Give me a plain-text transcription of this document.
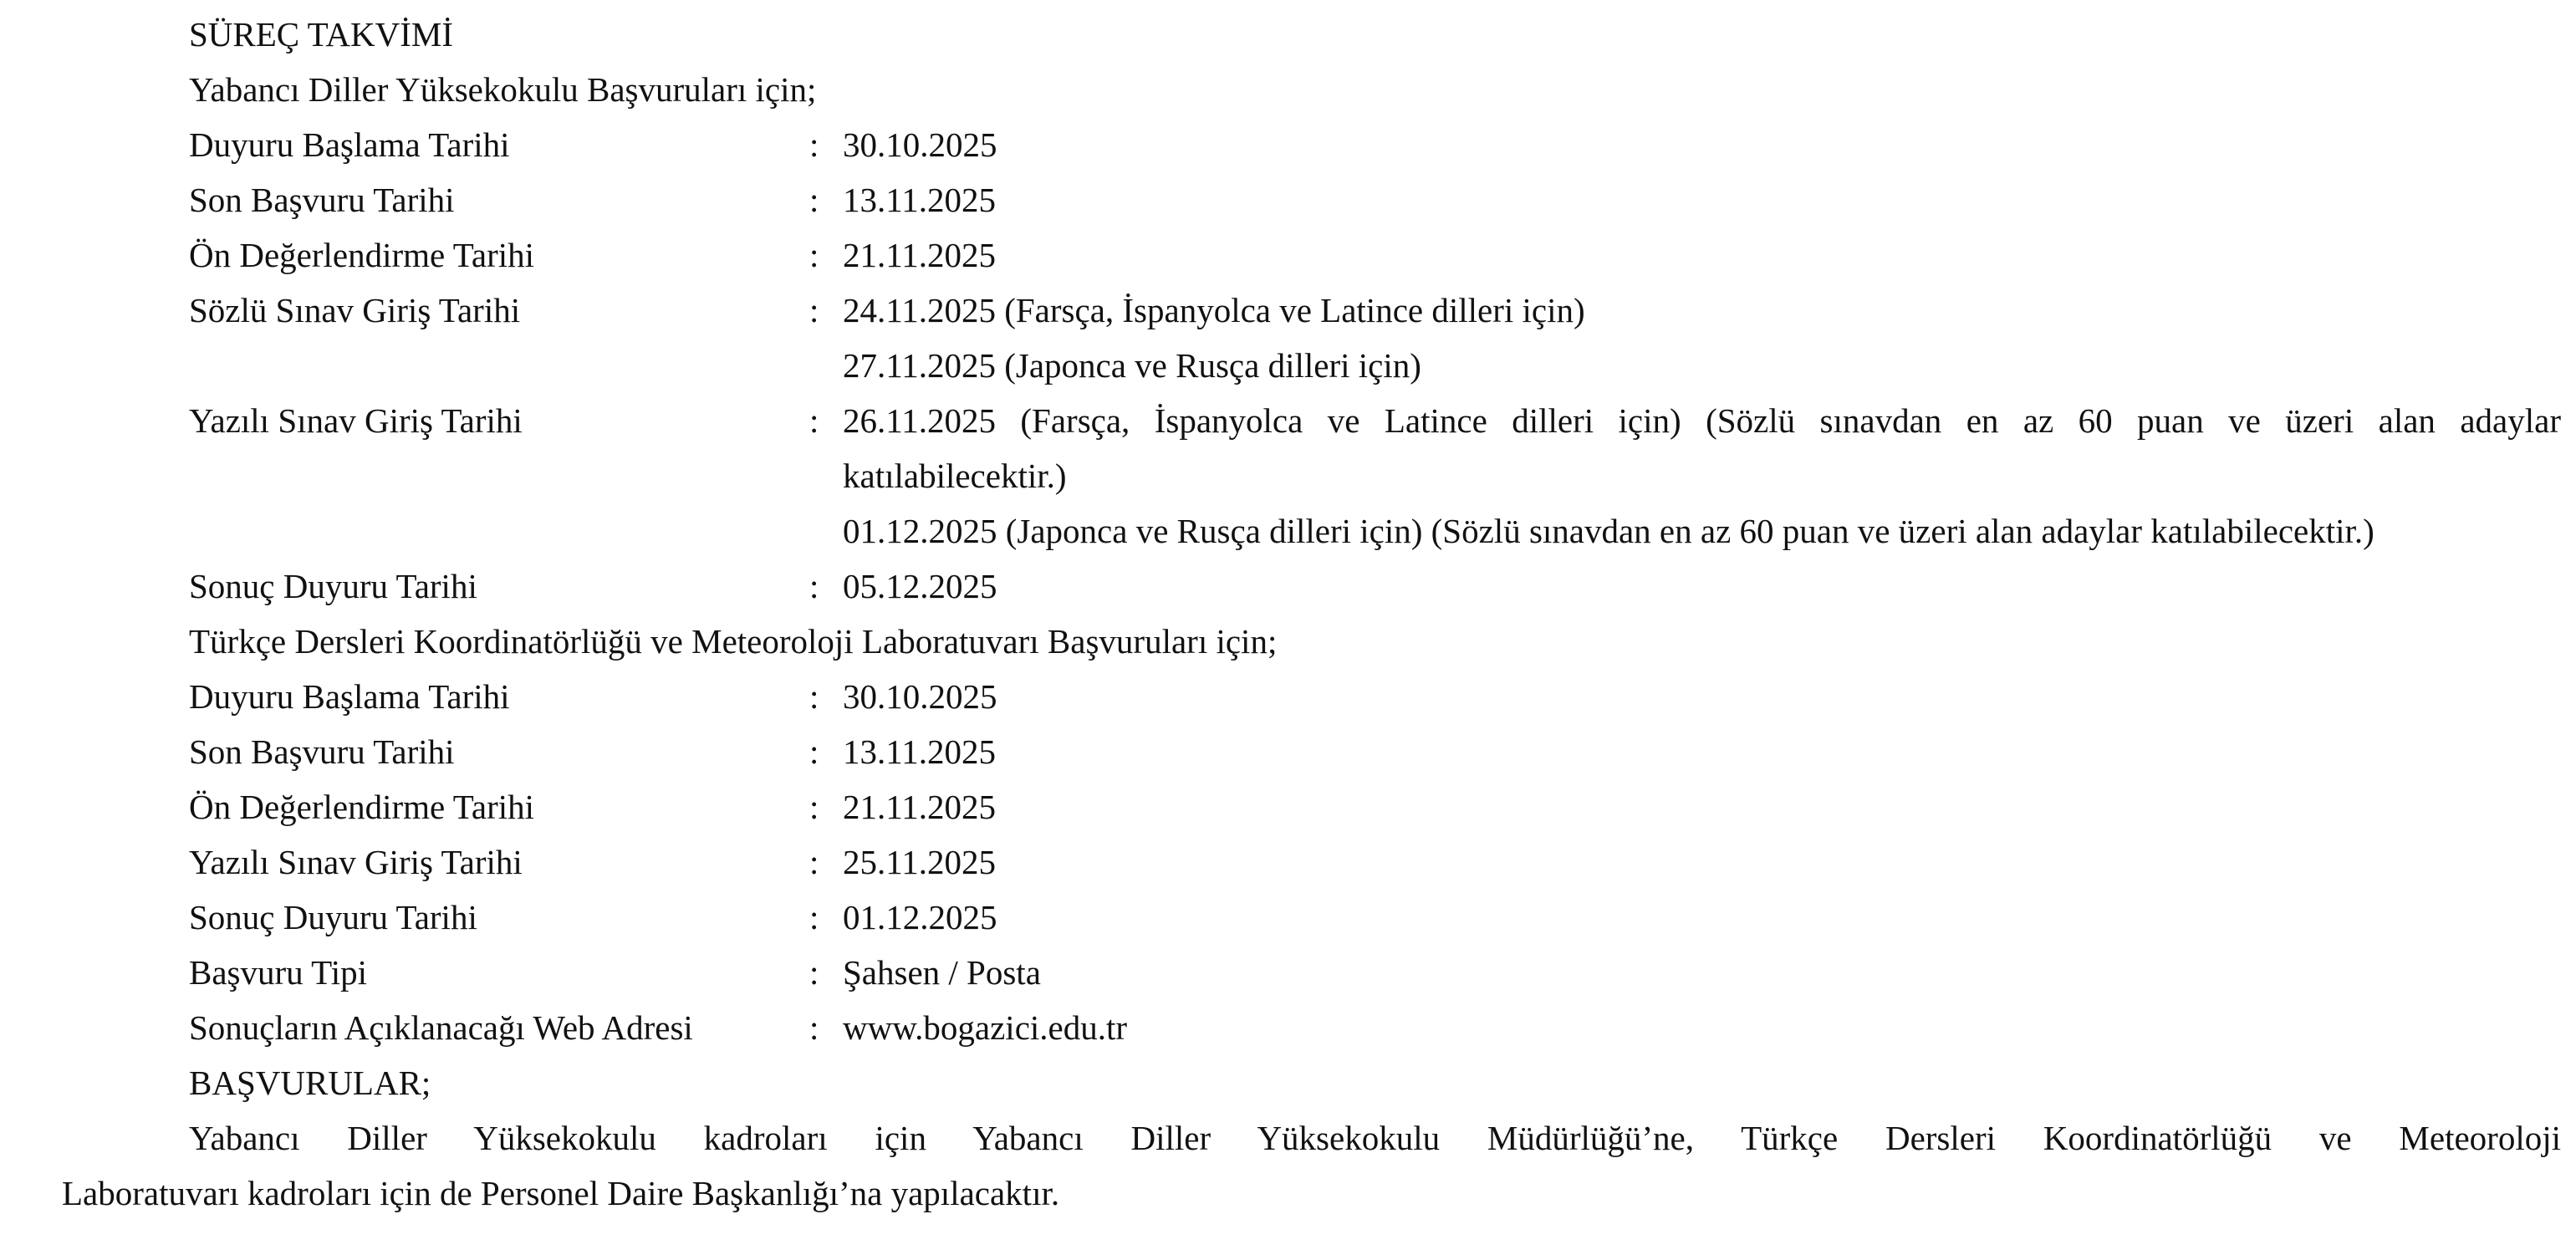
SÜREÇ TAKVİMİ
Yabancı Diller Yüksekokulu Başvuruları için;
Duyuru Başlama Tarihi	: 30.10.2025
Son Başvuru Tarihi	: 13.11.2025
Ön Değerlendirme Tarihi	: 21.11.2025
Sözlü Sınav Giriş Tarihi	: 24.11.2025 (Farsça, İspanyolca ve Latince dilleri için)
27.11.2025 (Japonca ve Rusça dilleri için)
Yazılı Sınav Giriş Tarihi	: 26.11.2025 (Farsça, İspanyolca ve Latince dilleri için) (Sözlü sınavdan en az 60 puan ve üzeri alan adaylar
katılabilecektir.)
01.12.2025 (Japonca ve Rusça dilleri için) (Sözlü sınavdan en az 60 puan ve üzeri alan adaylar katılabilecektir.)
Sonuç Duyuru Tarihi	: 05.12.2025
Türkçe Dersleri Koordinatörlüğü ve Meteoroloji Laboratuvarı Başvuruları için;
Duyuru Başlama Tarihi	: 30.10.2025
Son Başvuru Tarihi	: 13.11.2025
Ön Değerlendirme Tarihi	: 21.11.2025
Yazılı Sınav Giriş Tarihi	: 25.11.2025
Sonuç Duyuru Tarihi	: 01.12.2025
Başvuru Tipi	: Şahsen / Posta
Sonuçların Açıklanacağı Web Adresi	: www.bogazici.edu.tr
BAŞVURULAR;
Yabancı Diller Yüksekokulu kadroları için Yabancı Diller Yüksekokulu Müdürlüğü’ne, Türkçe Dersleri Koordinatörlüğü ve Meteoroloji
Laboratuvarı kadroları için de Personel Daire Başkanlığı’na yapılacaktır.
